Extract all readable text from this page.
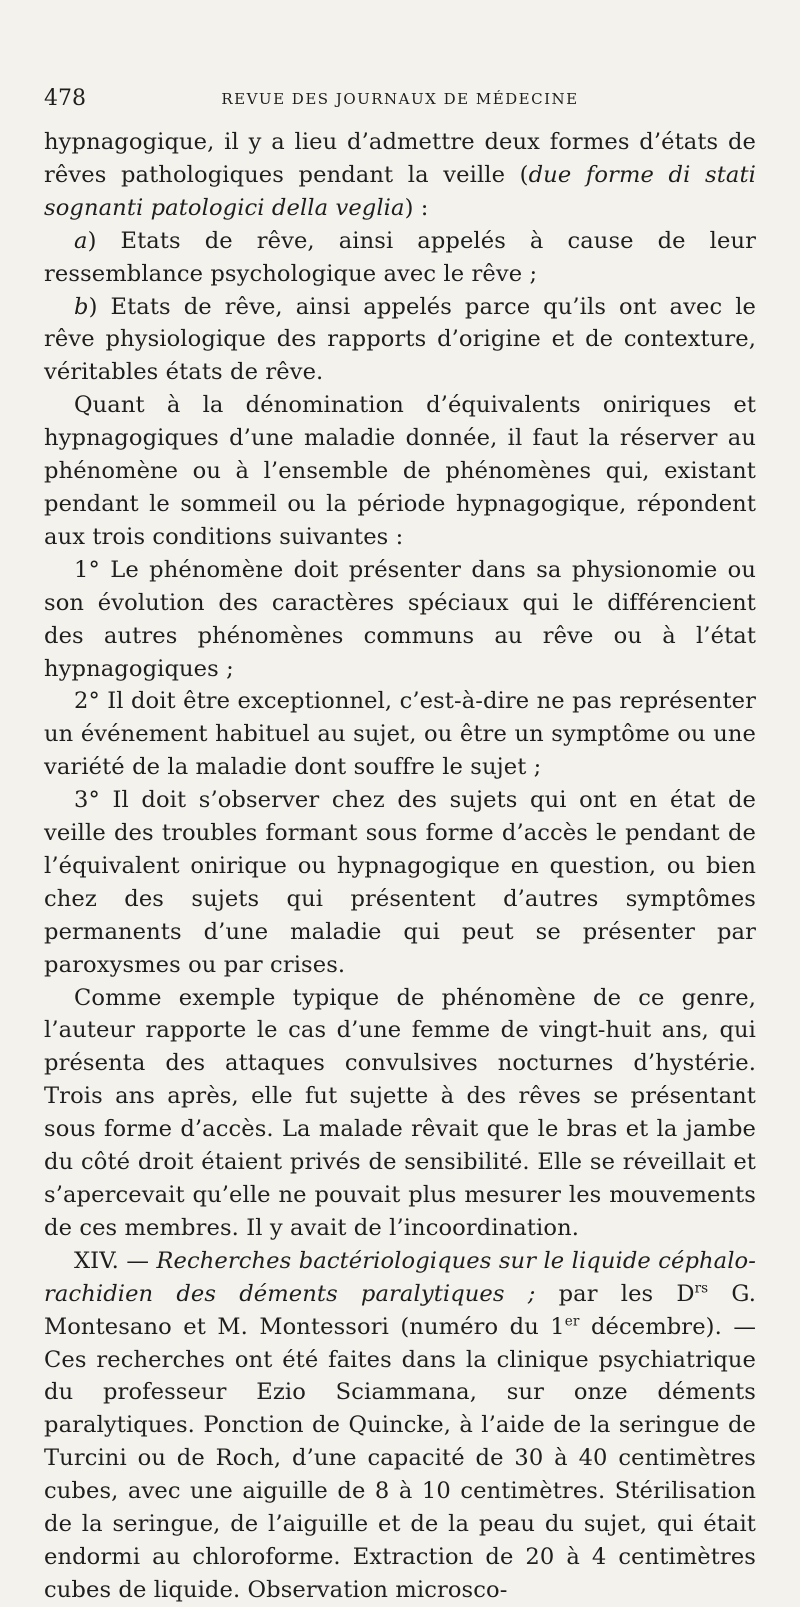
478	REVUE DES JOURNAUX DE MÉDECINE

hypnagogique, il y a lieu d’admettre deux formes d’états de rêves pathologiques pendant la veille (due forme di stati sognanti patologici della veglia) :

a) Etats de rêve, ainsi appelés à cause de leur ressemblance psychologique avec le rêve ;

b) Etats de rêve, ainsi appelés parce qu’ils ont avec le rêve physiologique des rapports d’origine et de contexture, véritables états de rêve.

Quant à la dénomination d’équivalents oniriques et hypnagogiques d’une maladie donnée, il faut la réserver au phénomène ou à l’ensemble de phénomènes qui, existant pendant le sommeil ou la période hypnagogique, répondent aux trois conditions suivantes :

1° Le phénomène doit présenter dans sa physionomie ou son évolution des caractères spéciaux qui le différencient des autres phénomènes communs au rêve ou à l’état hypnagogiques ;

2° Il doit être exceptionnel, c’est-à-dire ne pas représenter un événement habituel au sujet, ou être un symptôme ou une variété de la maladie dont souffre le sujet ;

3° Il doit s’observer chez des sujets qui ont en état de veille des troubles formant sous forme d’accès le pendant de l’équivalent onirique ou hypnagogique en question, ou bien chez des sujets qui présentent d’autres symptômes permanents d’une maladie qui peut se présenter par paroxysmes ou par crises.

Comme exemple typique de phénomène de ce genre, l’auteur rapporte le cas d’une femme de vingt-huit ans, qui présenta des attaques convulsives nocturnes d’hystérie. Trois ans après, elle fut sujette à des rêves se présentant sous forme d’accès. La malade rêvait que le bras et la jambe du côté droit étaient privés de sensibilité. Elle se réveillait et s’apercevait qu’elle ne pouvait plus mesurer les mouvements de ces membres. Il y avait de l’incoordination.

XIV. — Recherches bactériologiques sur le liquide céphalo-rachidien des déments paralytiques ; par les $D^{rs}$ G. Montesano et M. Montessori (numéro du 1er décembre). — Ces recherches ont été faites dans la clinique psychiatrique du professeur Ezio Sciammana, sur onze déments paralytiques. Ponction de Quincke, à l’aide de la seringue de Turcini ou de Roch, d’une capacité de 30 à 40 centimètres cubes, avec une aiguille de 8 à 10 centimètres. Stérilisation de la seringue, de l’aiguille et de la peau du sujet, qui était endormi au chloroforme. Extraction de 20 à 4 centimètres cubes de liquide. Observation microsco-
